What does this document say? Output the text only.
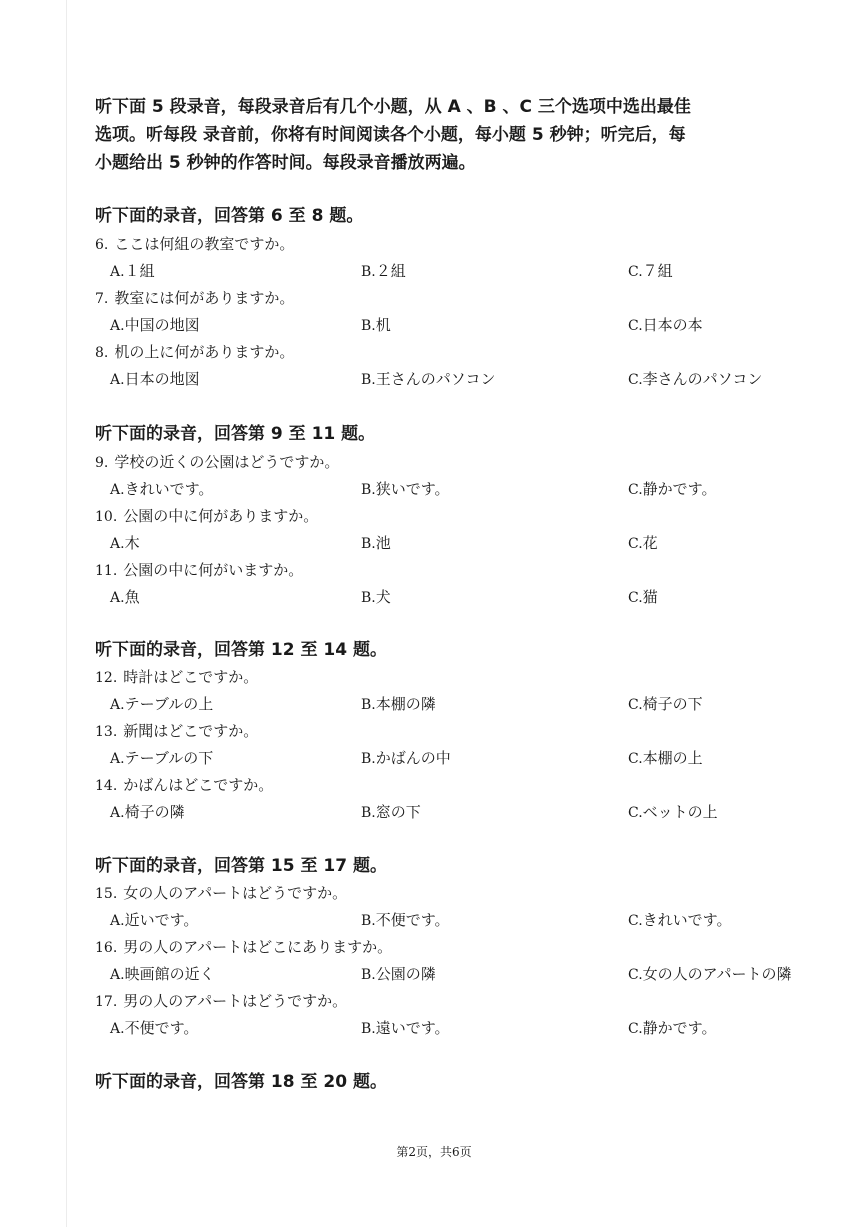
听下面 5 段录音，每段录音后有几个小题，从 A 、B 、C 三个选项中选出最佳
选项。听每段 录音前，你将有时间阅读各个小题，每小题 5 秒钟；听完后，每
小题给出 5 秒钟的作答时间。每段录音播放两遍。
听下面的录音，回答第 6 至 8 题。
6. ここは何組の教室ですか。
A.１組	B.２組	C.７組
7. 教室には何がありますか。
A.中国の地図	B.机	C.日本の本
8. 机の上に何がありますか。
A.日本の地図	B.王さんのパソコン	C.李さんのパソコン
听下面的录音，回答第 9 至 11 题。
9. 学校の近くの公園はどうですか。
A.きれいです。	B.狭いです。	C.静かです。
10. 公園の中に何がありますか。
A.木	B.池	C.花
11. 公園の中に何がいますか。
A.魚	B.犬	C.猫
听下面的录音，回答第 12 至 14 题。
12. 時計はどこですか。
A.テーブルの上	B.本棚の隣	C.椅子の下
13. 新聞はどこですか。
A.テーブルの下	B.かばんの中	C.本棚の上
14. かばんはどこですか。
A.椅子の隣	B.窓の下	C.ベットの上
听下面的录音，回答第 15 至 17 题。
15. 女の人のアパートはどうですか。
A.近いです。	B.不便です。	C.きれいです。
16. 男の人のアパートはどこにありますか。
A.映画館の近く	B.公園の隣	C.女の人のアパートの隣
17. 男の人のアパートはどうですか。
A.不便です。	B.遠いです。	C.静かです。
听下面的录音，回答第 18 至 20 题。
第2页，共6页
